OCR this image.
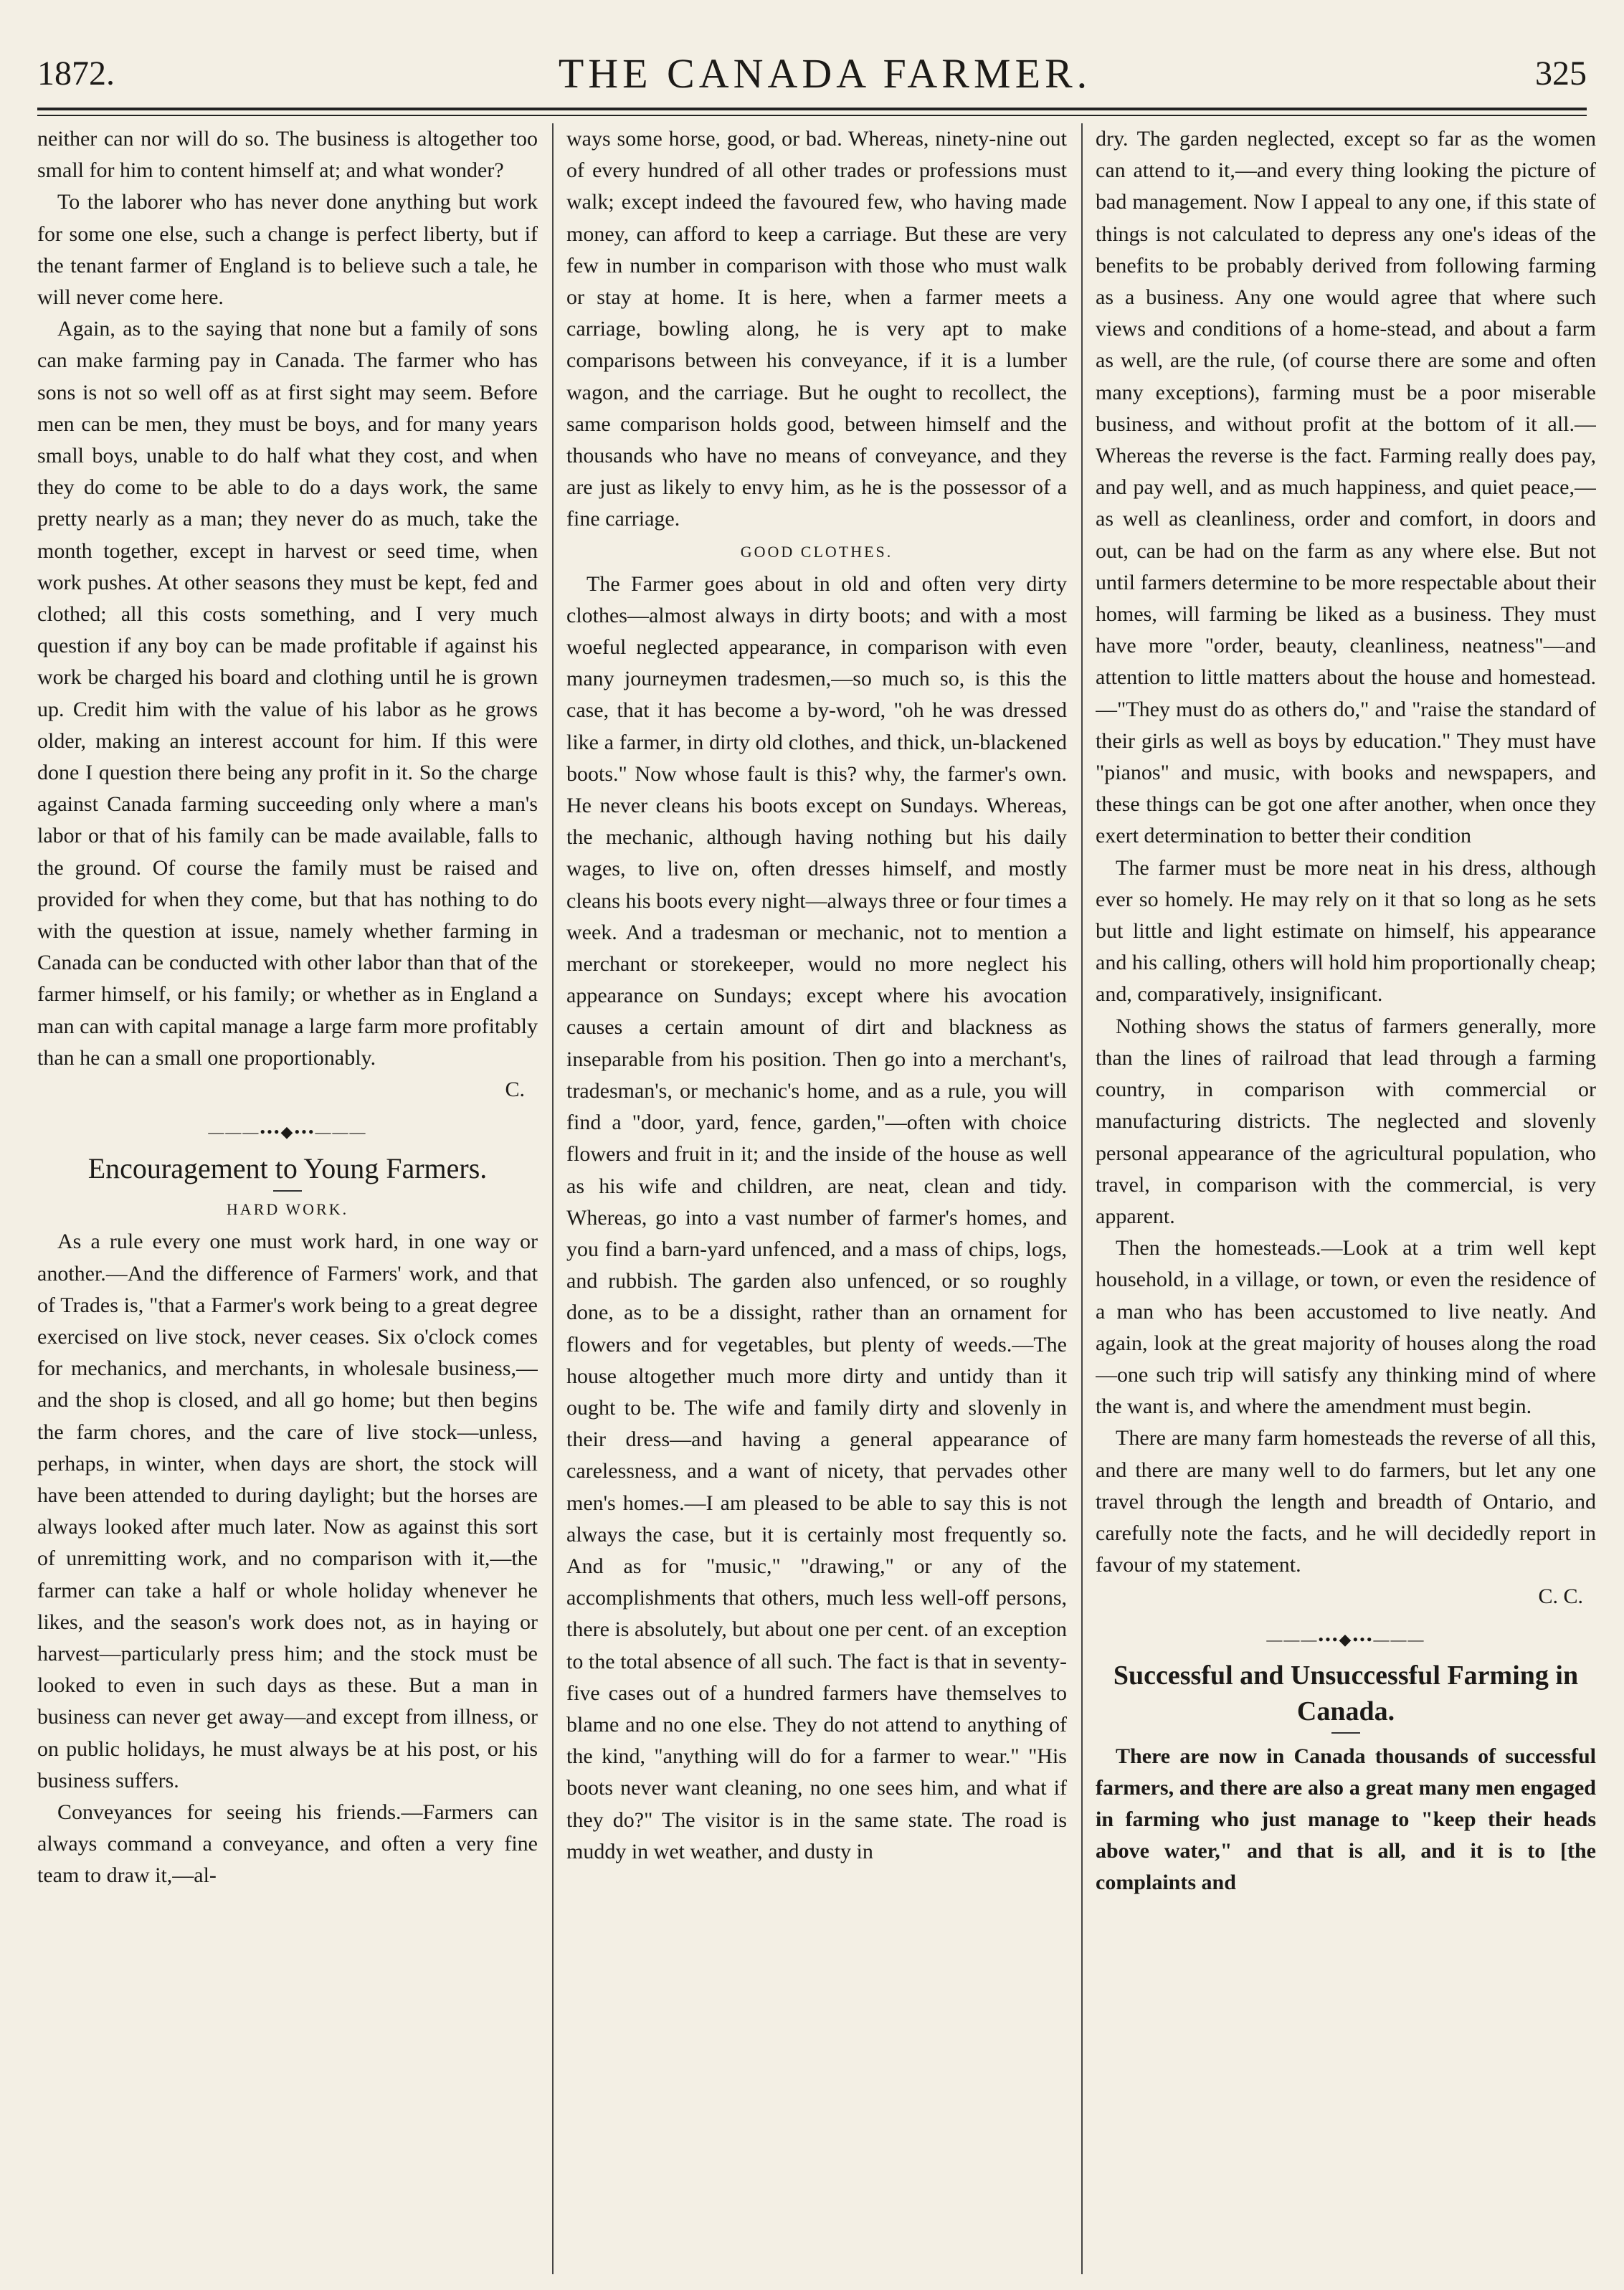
1872.	THE CANADA FARMER.	325

neither can nor will do so. The business is altogether too small for him to content himself at; and what wonder?

To the laborer who has never done anything but work for some one else, such a change is perfect liberty, but if the tenant farmer of England is to believe such a tale, he will never come here.

Again, as to the saying that none but a family of sons can make farming pay in Canada. The farmer who has sons is not so well off as at first sight may seem. Before men can be men, they must be boys, and for many years small boys, unable to do half what they cost, and when they do come to be able to do a days work, the same pretty nearly as a man; they never do as much, take the month together, except in harvest or seed time, when work pushes. At other seasons they must be kept, fed and clothed; all this costs something, and I very much question if any boy can be made profitable if against his work be charged his board and clothing until he is grown up. Credit him with the value of his labor as he grows older, making an interest account for him. If this were done I question there being any profit in it. So the charge against Canada farming succeeding only where a man's labor or that of his family can be made available, falls to the ground. Of course the family must be raised and provided for when they come, but that has nothing to do with the question at issue, namely whether farming in Canada can be conducted with other labor than that of the farmer himself, or his family; or whether as in England a man can with capital manage a large farm more profitably than he can a small one proportionably.

C.

———•••◆•••———
Encouragement to Young Farmers.
HARD WORK.

As a rule every one must work hard, in one way or another.—And the difference of Farmers' work, and that of Trades is, "that a Farmer's work being to a great degree exercised on live stock, never ceases. Six o'clock comes for mechanics, and merchants, in wholesale business,—and the shop is closed, and all go home; but then begins the farm chores, and the care of live stock—unless, perhaps, in winter, when days are short, the stock will have been attended to during daylight; but the horses are always looked after much later. Now as against this sort of unremitting work, and no comparison with it,—the farmer can take a half or whole holiday whenever he likes, and the season's work does not, as in haying or harvest—particularly press him; and the stock must be looked to even in such days as these. But a man in business can never get away—and except from illness, or on public holidays, he must always be at his post, or his business suffers.

Conveyances for seeing his friends.—Farmers can always command a conveyance, and often a very fine team to draw it,—al-

ways some horse, good, or bad. Whereas, ninety-nine out of every hundred of all other trades or professions must walk; except indeed the favoured few, who having made money, can afford to keep a carriage. But these are very few in number in comparison with those who must walk or stay at home. It is here, when a farmer meets a carriage, bowling along, he is very apt to make comparisons between his conveyance, if it is a lumber wagon, and the carriage. But he ought to recollect, the same comparison holds good, between himself and the thousands who have no means of conveyance, and they are just as likely to envy him, as he is the possessor of a fine carriage.

GOOD CLOTHES.

The Farmer goes about in old and often very dirty clothes—almost always in dirty boots; and with a most woeful neglected appearance, in comparison with even many journeymen tradesmen,—so much so, is this the case, that it has become a by-word, "oh he was dressed like a farmer, in dirty old clothes, and thick, un-blackened boots." Now whose fault is this? why, the farmer's own. He never cleans his boots except on Sundays. Whereas, the mechanic, although having nothing but his daily wages, to live on, often dresses himself, and mostly cleans his boots every night—always three or four times a week. And a tradesman or mechanic, not to mention a merchant or storekeeper, would no more neglect his appearance on Sundays; except where his avocation causes a certain amount of dirt and blackness as inseparable from his position. Then go into a merchant's, tradesman's, or mechanic's home, and as a rule, you will find a "door, yard, fence, garden,"—often with choice flowers and fruit in it; and the inside of the house as well as his wife and children, are neat, clean and tidy. Whereas, go into a vast number of farmer's homes, and you find a barn-yard unfenced, and a mass of chips, logs, and rubbish. The garden also unfenced, or so roughly done, as to be a dissight, rather than an ornament for flowers and for vegetables, but plenty of weeds.—The house altogether much more dirty and untidy than it ought to be. The wife and family dirty and slovenly in their dress—and having a general appearance of carelessness, and a want of nicety, that pervades other men's homes.—I am pleased to be able to say this is not always the case, but it is certainly most frequently so. And as for "music," "drawing," or any of the accomplishments that others, much less well-off persons, there is absolutely, but about one per cent. of an exception to the total absence of all such. The fact is that in seventy-five cases out of a hundred farmers have themselves to blame and no one else. They do not attend to anything of the kind, "anything will do for a farmer to wear." "His boots never want cleaning, no one sees him, and what if they do?" The visitor is in the same state. The road is muddy in wet weather, and dusty in

dry. The garden neglected, except so far as the women can attend to it,—and every thing looking the picture of bad management. Now I appeal to any one, if this state of things is not calculated to depress any one's ideas of the benefits to be probably derived from following farming as a business. Any one would agree that where such views and conditions of a home-stead, and about a farm as well, are the rule, (of course there are some and often many exceptions), farming must be a poor miserable business, and without profit at the bottom of it all.—Whereas the reverse is the fact. Farming really does pay, and pay well, and as much happiness, and quiet peace,—as well as cleanliness, order and comfort, in doors and out, can be had on the farm as any where else. But not until farmers determine to be more respectable about their homes, will farming be liked as a business. They must have more "order, beauty, cleanliness, neatness"—and attention to little matters about the house and homestead.—"They must do as others do," and "raise the standard of their girls as well as boys by education." They must have "pianos" and music, with books and newspapers, and these things can be got one after another, when once they exert determination to better their condition

The farmer must be more neat in his dress, although ever so homely. He may rely on it that so long as he sets but little and light estimate on himself, his appearance and his calling, others will hold him proportionally cheap; and, comparatively, insignificant.

Nothing shows the status of farmers generally, more than the lines of railroad that lead through a farming country, in comparison with commercial or manufacturing districts. The neglected and slovenly personal appearance of the agricultural population, who travel, in comparison with the commercial, is very apparent.

Then the homesteads.—Look at a trim well kept household, in a village, or town, or even the residence of a man who has been accustomed to live neatly. And again, look at the great majority of houses along the road—one such trip will satisfy any thinking mind of where the want is, and where the amendment must begin.

There are many farm homesteads the reverse of all this, and there are many well to do farmers, but let any one travel through the length and breadth of Ontario, and carefully note the facts, and he will decidedly report in favour of my statement.

C. C.

———•••◆•••———
Successful and Unsuccessful Farming in Canada.

There are now in Canada thousands of successful farmers, and there are also a great many men engaged in farming who just manage to "keep their heads above water," and that is all, and it is to [the complaints and
